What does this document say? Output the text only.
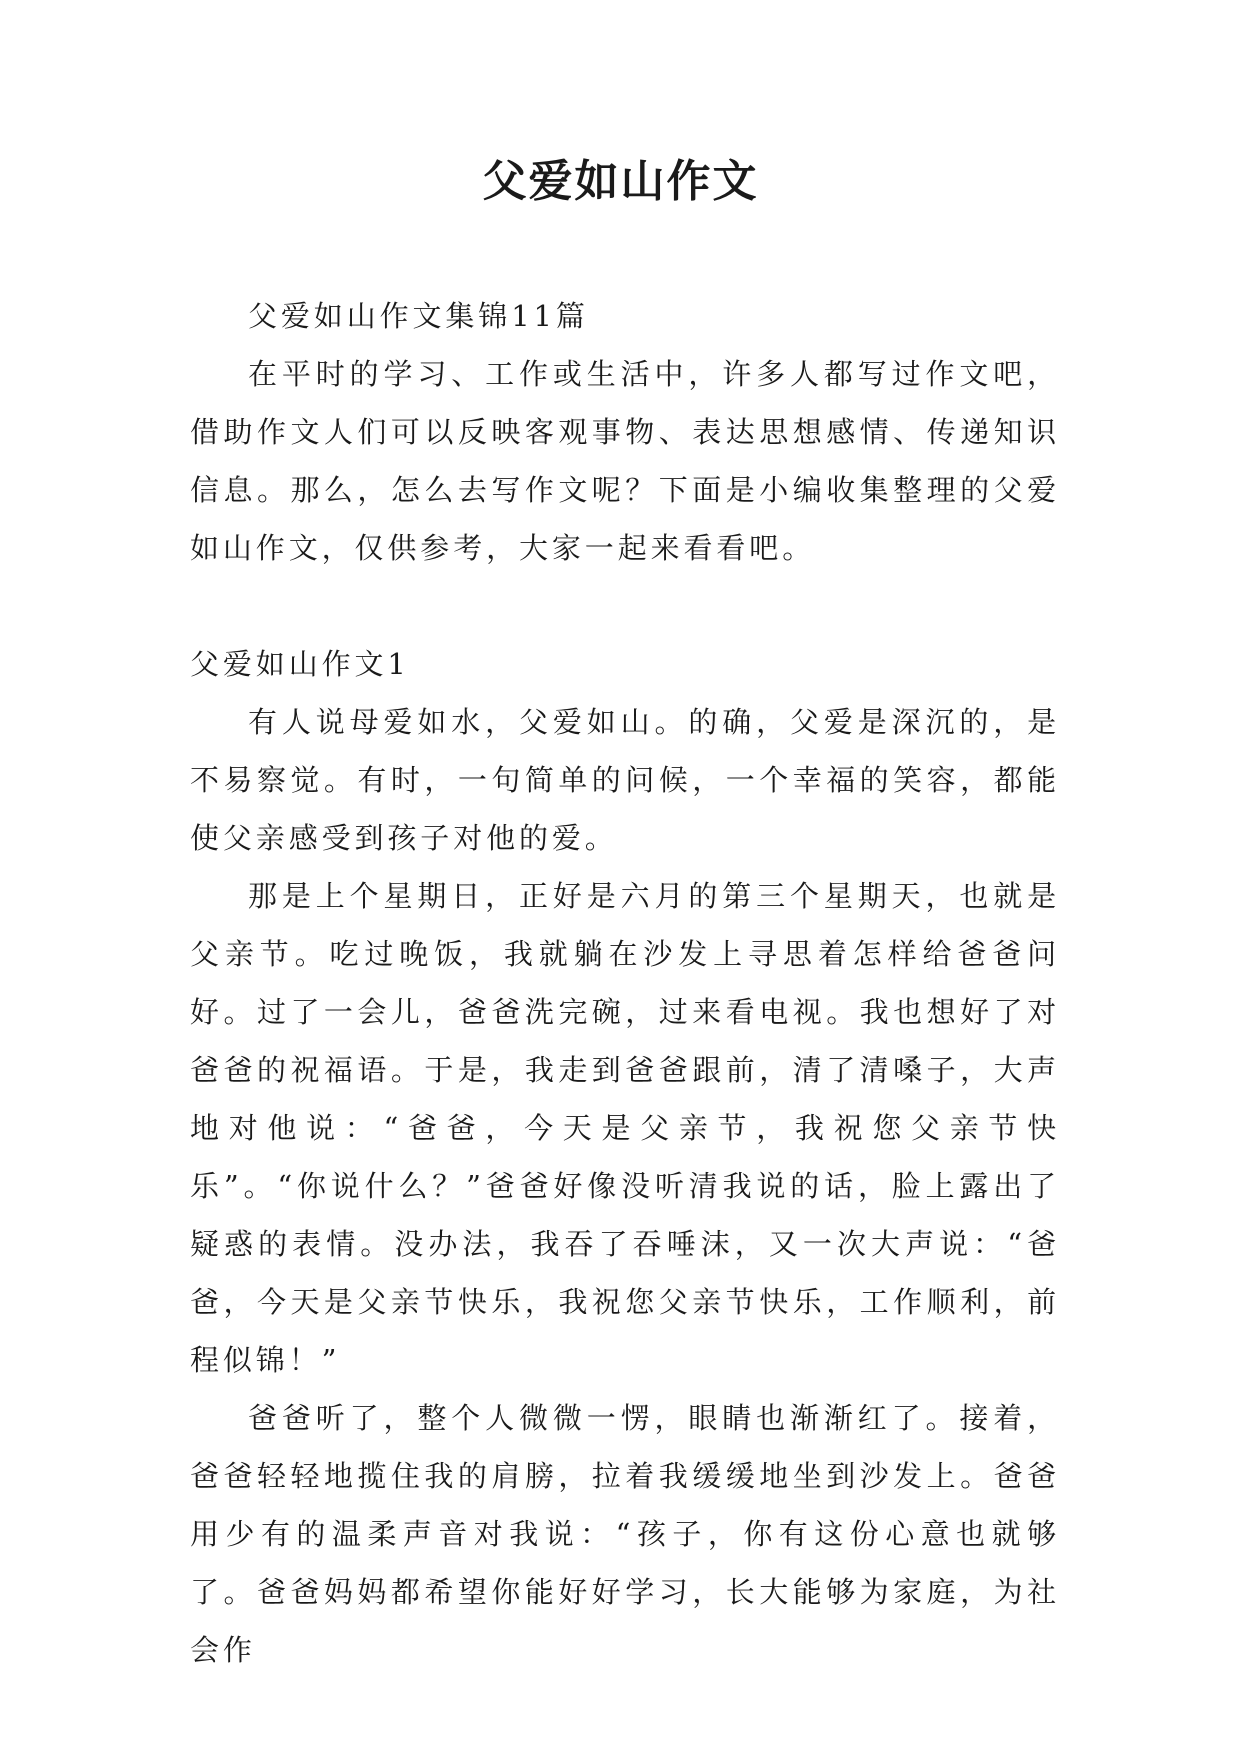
父爱如山作文

父爱如山作文集锦11篇

在平时的学习、工作或生活中，许多人都写过作文吧，借助作文人们可以反映客观事物、表达思想感情、传递知识信息。那么，怎么去写作文呢？下面是小编收集整理的父爱如山作文，仅供参考，大家一起来看看吧。

父爱如山作文1

有人说母爱如水，父爱如山。的确，父爱是深沉的，是不易察觉。有时，一句简单的问候，一个幸福的笑容，都能使父亲感受到孩子对他的爱。

那是上个星期日，正好是六月的第三个星期天，也就是父亲节。吃过晚饭，我就躺在沙发上寻思着怎样给爸爸问好。过了一会儿，爸爸洗完碗，过来看电视。我也想好了对爸爸的祝福语。于是，我走到爸爸跟前，清了清嗓子，大声地对他说：“爸爸，今天是父亲节，我祝您父亲节快乐”。“你说什么？”爸爸好像没听清我说的话，脸上露出了疑惑的表情。没办法，我吞了吞唾沫，又一次大声说：“爸爸，今天是父亲节快乐，我祝您父亲节快乐，工作顺利，前程似锦！”

爸爸听了，整个人微微一愣，眼睛也渐渐红了。接着，爸爸轻轻地揽住我的肩膀，拉着我缓缓地坐到沙发上。爸爸用少有的温柔声音对我说：“孩子，你有这份心意也就够了。爸爸妈妈都希望你能好好学习，长大能够为家庭，为社会作
